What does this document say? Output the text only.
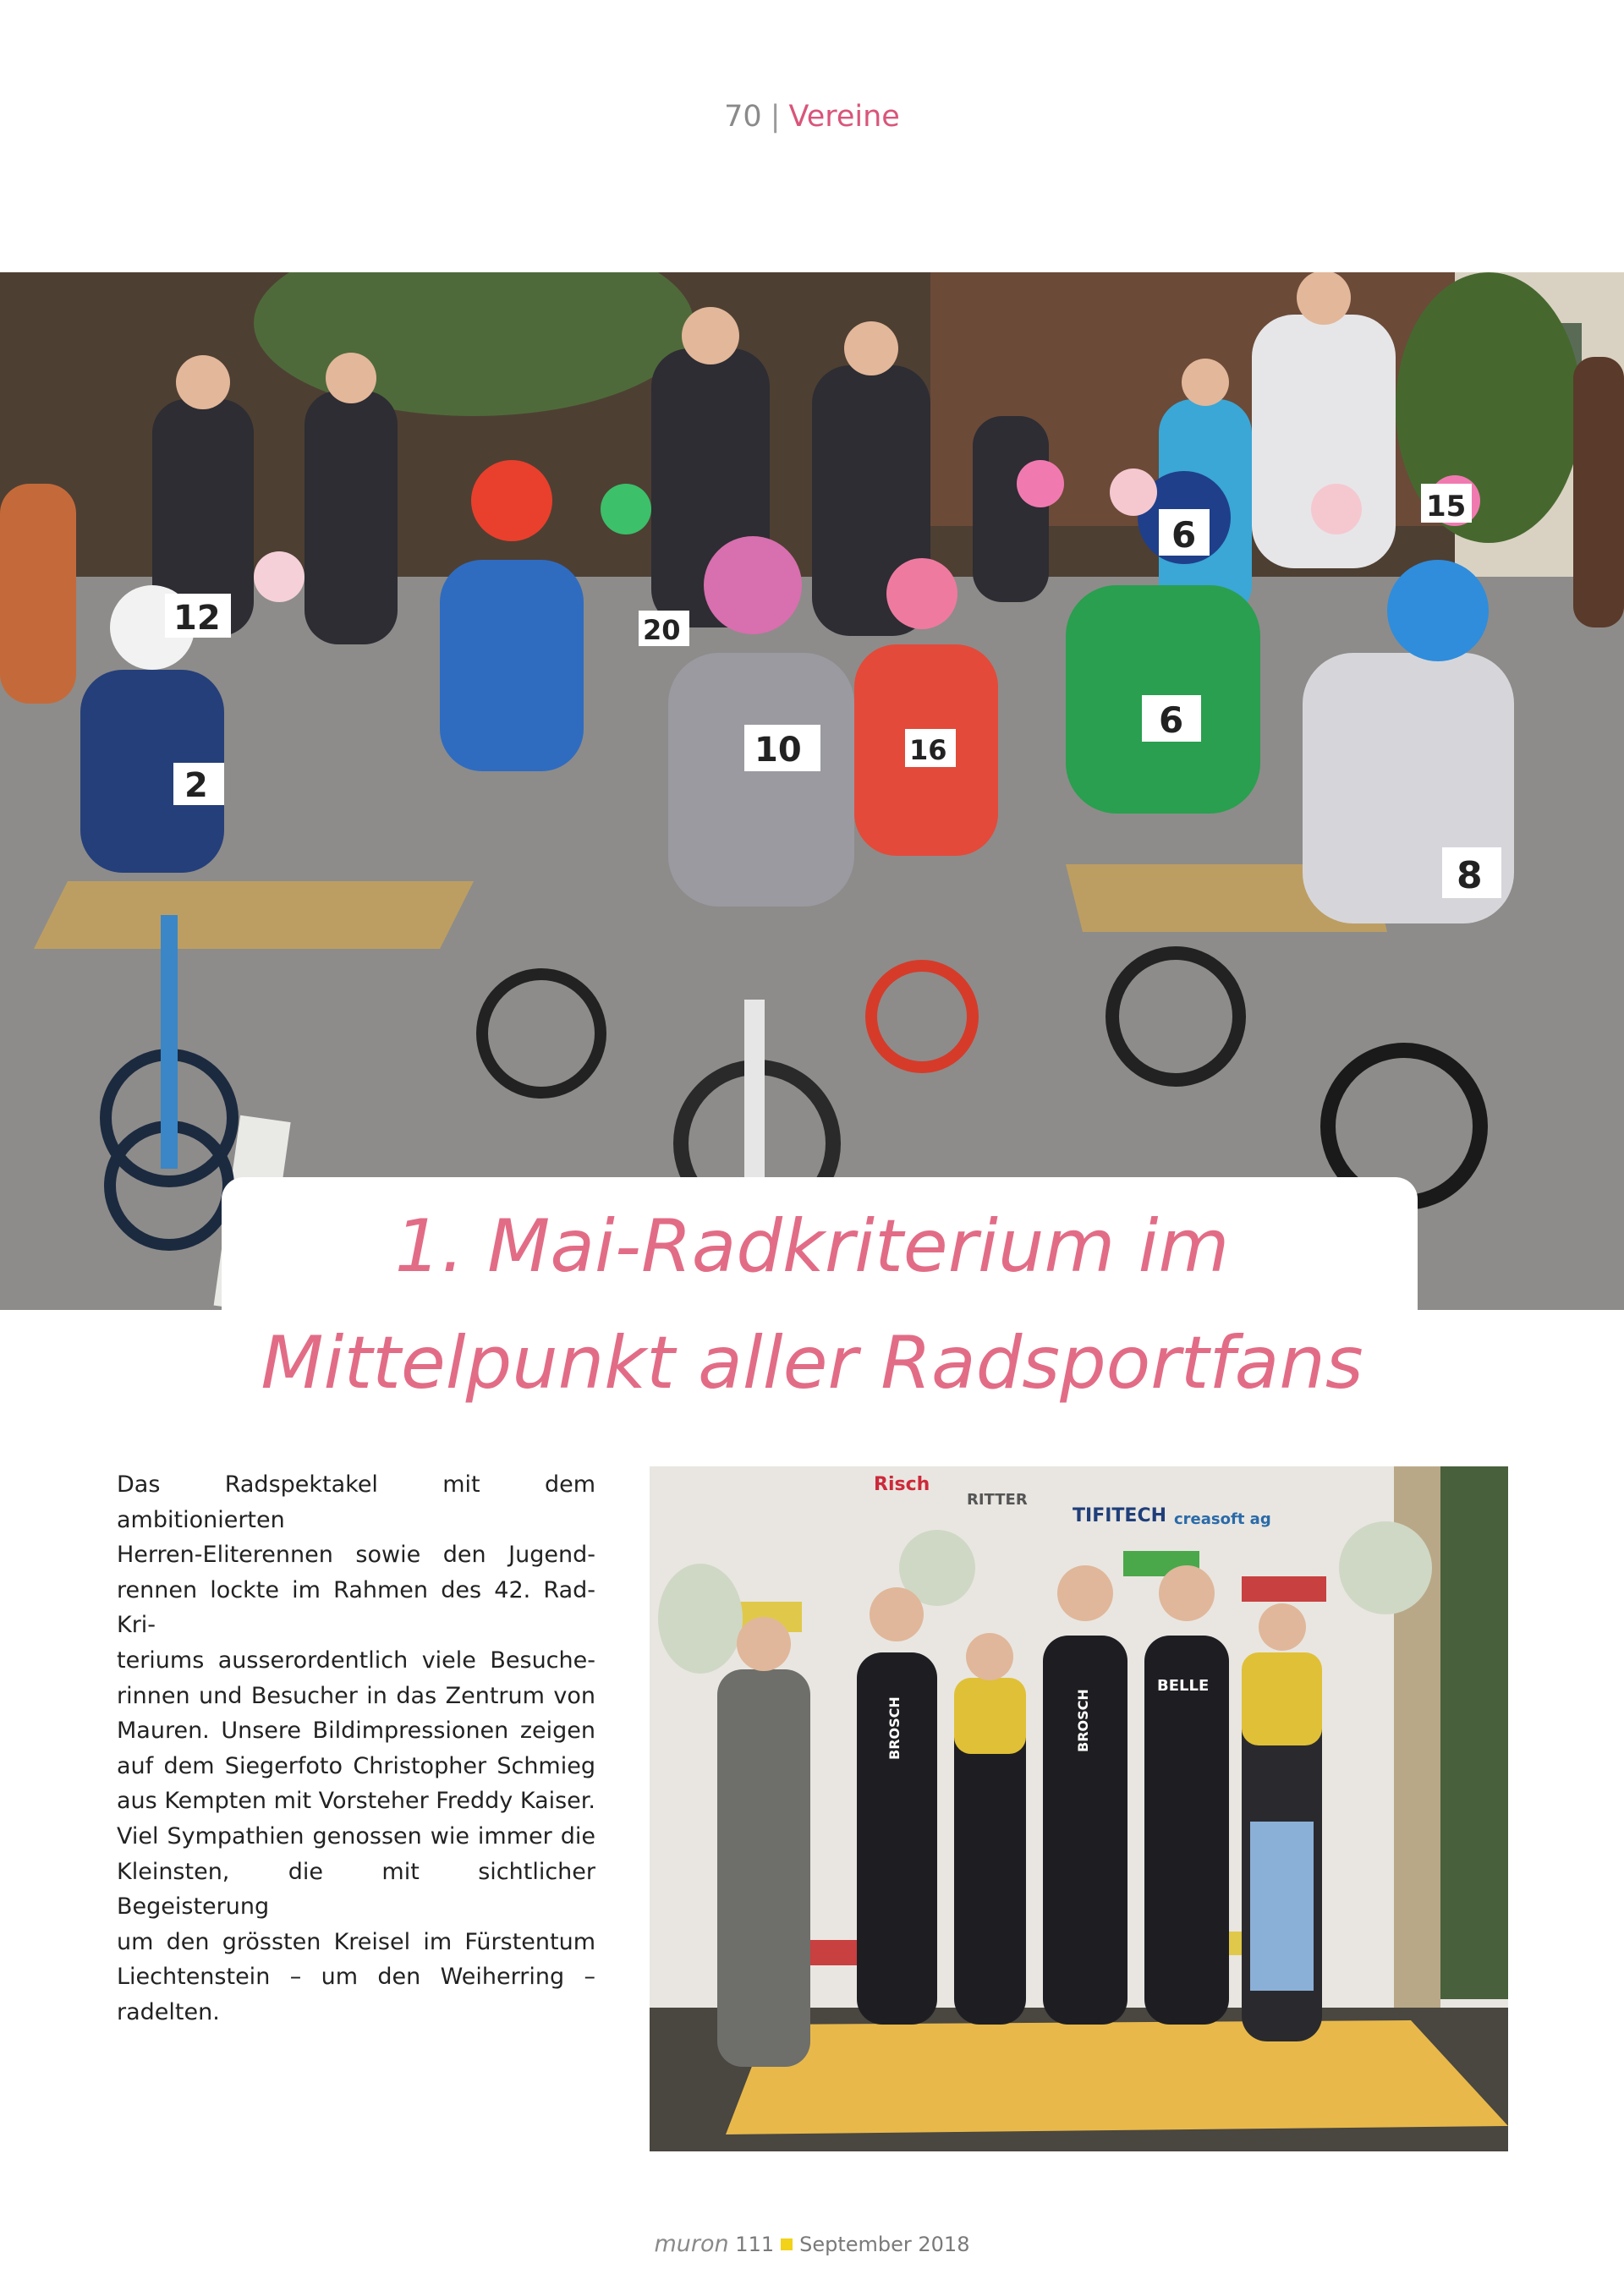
70 | Vereine
12
2
6
15
20
10	16
6
8
1. Mai-Radkriterium im
Mittelpunkt aller Radsportfans
Das Radspektakel mit dem ambitionierten
Herren-Eliterennen sowie den Jugend-
rennen lockte im Rahmen des 42. Rad-Kri-
teriums ausserordentlich viele Besuche-
rinnen und Besucher in das Zentrum von
Mauren. Unsere Bildimpressionen zeigen
auf dem Siegerfoto Christopher Schmieg
aus Kempten mit Vorsteher Freddy Kaiser.
Viel Sympathien genossen wie immer die
Kleinsten, die mit sichtlicher Begeisterung
um den grössten Kreisel im Fürstentum
Liechtenstein – um den Weiherring –
radelten.
Risch
RITTER
TIFITECH creasoft ag
BROSCH	BROSCH
BELLE
muron 111 September 2018
